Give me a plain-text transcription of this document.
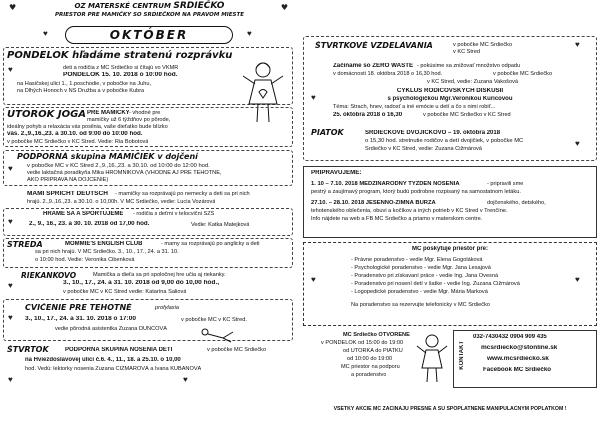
♥	OZ MATERSKÉ CENTRUM SRDIEČKO
PRIESTOR PRE MAMIČKY SO SRDIEČKOM NA PRAVOM MIESTE
♥
OKTÓBER
♥	♥
PONDELOK hľadáme stratenú rozprávku
deti a rodičia z MC Srdiečko si čítajú vo VKMR
PONDELOK 15. 10. 2018 o 10:00 hod.
na Hasičskej ulici 1., 1.poschodie, v pobočke na Juhu,
na Dlhých Honoch v NS Družba a v pobočke Kubra
♥
UTOROK JOGA PRE MAMIČKY - vhodné pre
mamičky už 6 týždňov po pôrode,
ideálny pohyb a relaxácia vás posilnia, vaše dieťatko bude blízko
vás. 2.,9.,16.,23. a 30.10. od 9:00 do 10:00 hod.
v pobočke MC Srdiečko v KC Stred. Vedie: Ria Bobotová
PODPORNÁ skupina MAMIČIEK v dojčení
v pobočke MC v KC Stred 2.,9.,16.,23. a 30.10. od 10:00 do 12:00 hod.
vedie laktačná poradkyňa Mika HROMNÍKOVÁ (VHODNÉ AJ PRE TEHOTNÉ,
AKO PRÍPRAVA NA DOJČENIE)
♥
MAMI SPRICHT DEUTSCH - mamičky sa rozprávajú po nemecky a deti sa pri nich
hrajú. 2.,9.,16.,23. a 30.10. o 10,00h. V MC Srdiečko, vedie: Lucia Vozárová
HRÁME SA A ŠPORTUJEME - rodičia s deťmi v telocvični SZŠ
2., 9., 16., 23. a 30. 10. 2018 od 17,00 hod.	Vedie: Katka Matejková
♥
STREDA	MOMMIE'S ENGLISH CLUB	- mamy sa rozprávajú po anglicky a deti
sa pri nich hrajú. V MC Srdiečko. 3., 10., 17., 24. a 31. 10.
o 10:00 hod. Vedie: Veronika Cibenková
RIEKANKOVO	Mamička a dieťa sa pri spoločnej hre učia aj riekanky.
3., 10., 17., 24. a 31. 10. 2018 od 9,00 do 10,00 hod.,
v pobočke MC v KC Stred vedie: Katarína Šaliová
♥
CVIČENIE PRE TEHOTNÉ	profylaxia
3., 10., 17., 24. a 31. 10. 2018 o 17:00	v pobočke MC v KC Stred.
vedie pôrodná asistentka Zuzana DUNCOVÁ
♥
ŠTVRTOK	PODPORNÁ SKUPINA NOSENIA DETÍ	v pobočke MC Srdiečko
na Hviezdoslavovej ulici č.6. 4., 11., 18. a 25.10. o 10,00
hod. Vedú: lektorky nosenia Zuzana CIŽMÁROVÁ a Ivana KUBAŇOVÁ
♥	♥
ŠTVRTKOVÉ VZDELÁVANIA	v pobočke MC Srdiečko
v KC Stred
♥
Začíname so ZERO WASTE - pokúsime sa znižovať množstvo odpadu
v domácnosti 18. októbra 2018 o 16,30 hod.	v pobočke MC Srdiečko
v KC Stred, vedie: Zuzana Vakošová
CYKLUS RODIČOVSKÝCH DISKUSIÍ
s psychologičkou Mgr.Veronikou Kuricovou
Téma: Strach, hnev, radosť a iné emócie u detí a čo s nimi robiť...
25. októbra 2018 o 16,30	v pobočke MC Srdiečko v KC Stred
♥
PIATOK	SRDIEČKOVÉ DVOJIČKOVO – 19. októbra 2018
o 15,30 hod. stretnutie rodičov a detí dvojičiek, v pobočke MC
Srdiečko v KC Stred, vedie: Zuzana Čižmárová
♥
PRIPRAVUJEME:
1. 10 – 7.10. 2018 MEDZINÁRODNÝ TÝŽDEŇ NOSENIA	- pripravili sme
pestrý a zaujímavý program, ktorý budú podrobne rozpisaný na samostatnom letáku.
27.10. – 28.10. 2018 JESENNO-ZIMNÁ BURZA	dojčenského, detského,
tehotenského oblečenia, obuvi a kočíkov a iných potrieb v KC Stred v Trenčíne.
Info nájdete na web a FB MC Srdiečko a priamo v materskom centre.
MC poskytuje priestor pre:
- Právne poradenstvo - vedie Mgr. Elena Gogoláková
- Psychologické poradenstvo - vedie Mgr. Jana Lesajová
- Poradenstvo pri získavaní práce - vedie Ing. Jana Ovesná
- Poradenstvo pri nosení detí v šatke - vedie Ing. Zuzana Čižmárová
- Logopedické poradenstvo - vedie Mgr. Mária Marková
Na poradenstvo sa rezervujte telefonicky v MC Srdiečko
♥	♥
MC Srdiečko OTVORENÉ
v PONDELOK od 15:00 do 19:00
od UTORKA do PIATKU
od 10:00 do 19:00
MC priestor na podporu
a poradenstvo
KONTAKT
032-7430432 0904 909 435
mcsrdiecko@stonline.sk
www.mcsrdiecko.sk
Facebook MC Srdiečko
VŠETKY AKCIE MC ZAČÍNAJÚ PRESNE A SÚ SPOPLATNENÉ MANIPULAČNÝM POPLATKOM !
